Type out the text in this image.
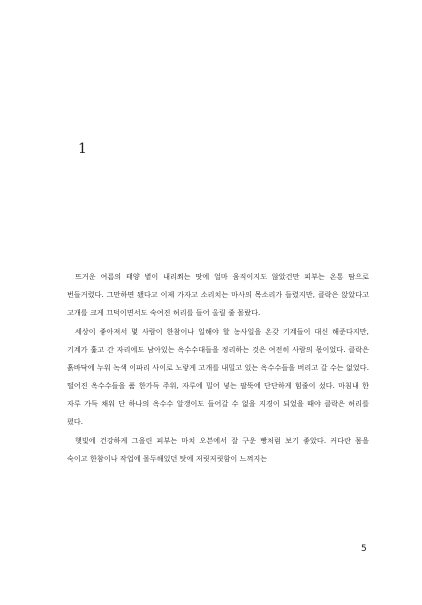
1

뜨거운 여름의 태양 볕이 내리쬐는 땃에 얼마 움직이지도 않았건만 피부는 온통 땀으로 번들거렸다. 그만하면 됐다고 이제 가자고 소리치는 마사의 목소리가 들렸지만, 클락은 앉았다고 고개를 크게 끄덕이면서도 숙여진 허리를 들어 올릴 줄 몰랐다.

세상이 좋아져서 몇 사람이 한참이나 일해야 할 농사일을 온갖 기계들이 대신 해준다지만, 기계가 훑고 간 자리에도 남아있는 옥수수대들을 정리하는 것은 여전히 사람의 몫이었다. 클락은 흙바닥에 누워 녹색 이파리 사이로 노랗게 고개를 내밀고 있는 옥수수들을 버리고 갈 수는 없었다. 떨어진 옥수수들을 품 한가득 주워, 자루에 밀어 넣는 팔뚝에 단단하게 힘줄이 섰다. 마침내 한 자루 가득 채워 단 하나의 옥수수 알갱이도 들어갈 수 없을 지경이 되었을 때야 클락은 허리를 폈다.

햇빛에 건강하게 그을린 피부는 마치 오븐에서 잘 구운 빵처럼 보기 좋았다. 커다란 몸을 숙이고 한참이나 작업에 몰두해있던 탓에 저릿저릿함이 느껴지는

5
